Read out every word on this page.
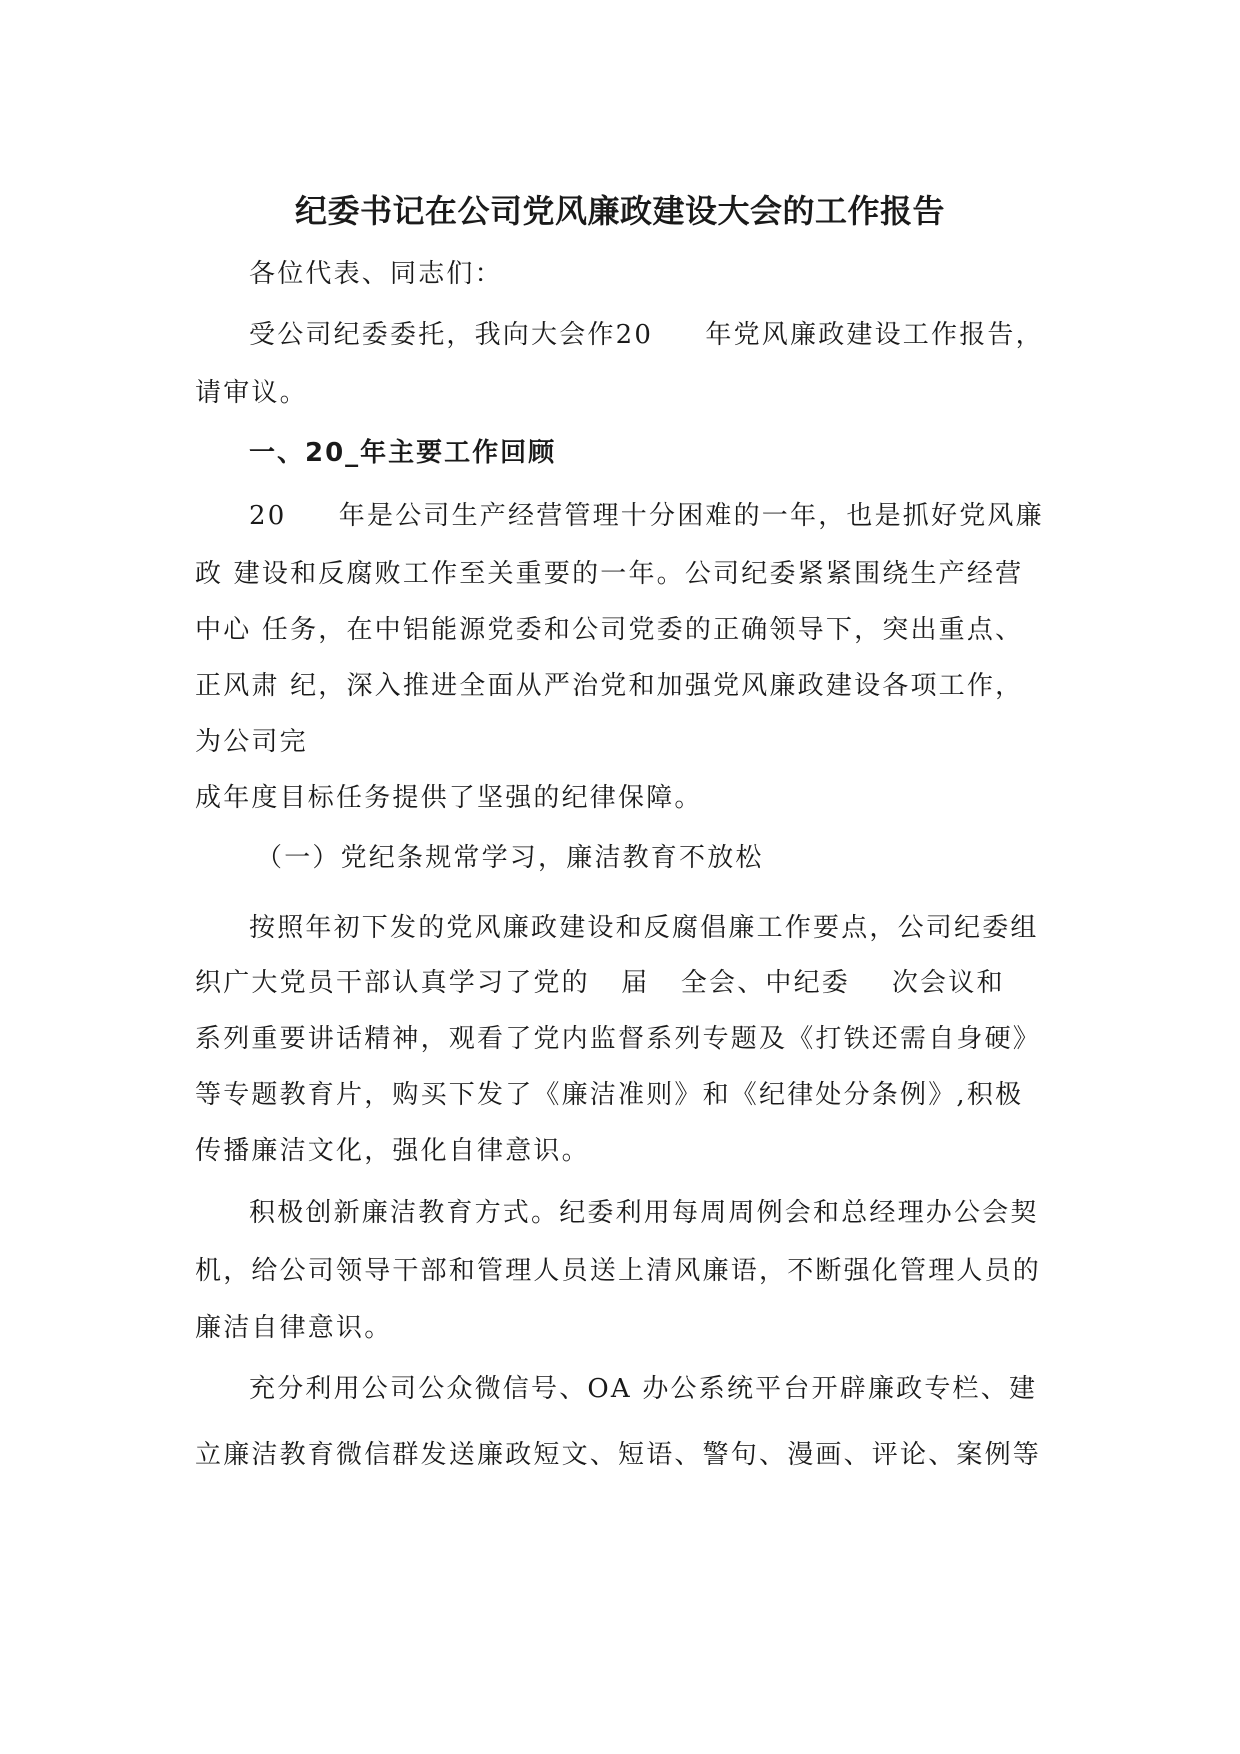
纪委书记在公司党风廉政建设大会的工作报告
各位代表、同志们：
受公司纪委委托，我向大会作20     年党风廉政建设工作报告，
请审议。
一、20_年主要工作回顾
20     年是公司生产经营管理十分困难的一年，也是抓好党风廉
政 建设和反腐败工作至关重要的一年。公司纪委紧紧围绕生产经营
中心 任务，在中铝能源党委和公司党委的正确领导下，突出重点、
正风肃 纪，深入推进全面从严治党和加强党风廉政建设各项工作，
为公司完
成年度目标任务提供了坚强的纪律保障。
（一）党纪条规常学习，廉洁教育不放松
按照年初下发的党风廉政建设和反腐倡廉工作要点，公司纪委组
织广大党员干部认真学习了党的   届   全会、中纪委    次会议和
系列重要讲话精神，观看了党内监督系列专题及《打铁还需自身硬》
等专题教育片，购买下发了《廉洁准则》和《纪律处分条例》,积极
传播廉洁文化，强化自律意识。
积极创新廉洁教育方式。纪委利用每周周例会和总经理办公会契
机，给公司领导干部和管理人员送上清风廉语，不断强化管理人员的
廉洁自律意识。
充分利用公司公众微信号、OA 办公系统平台开辟廉政专栏、建
立廉洁教育微信群发送廉政短文、短语、警句、漫画、评论、案例等
